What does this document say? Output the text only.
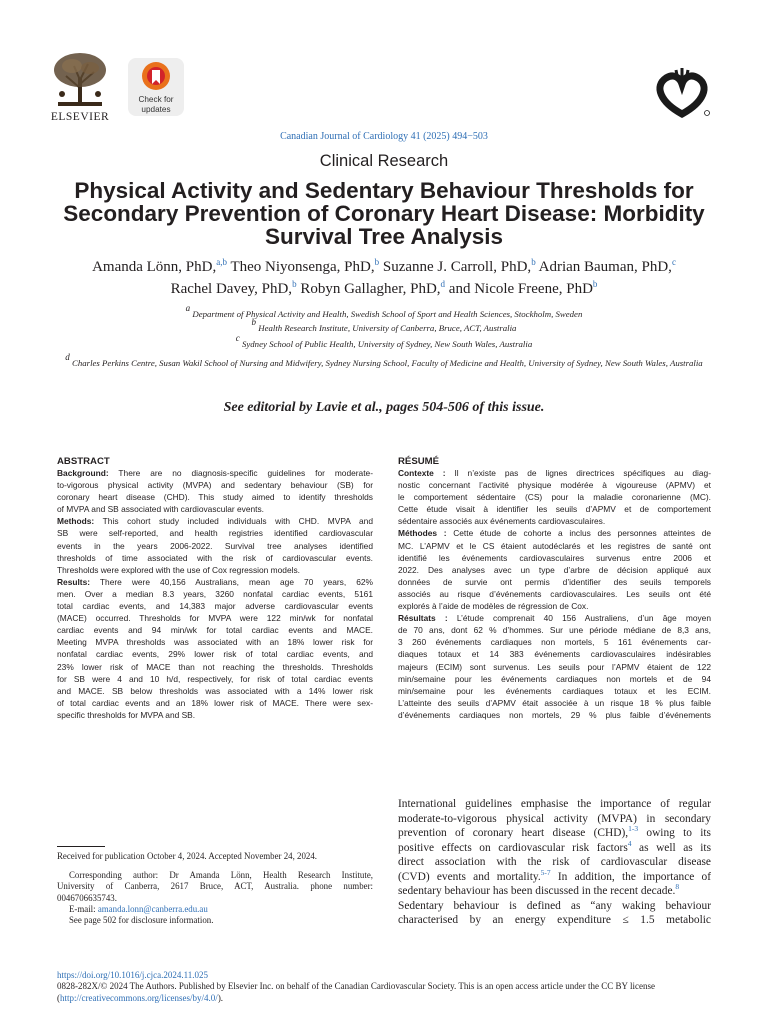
ELSEVIER
Check for updates
Canadian Journal of Cardiology 41 (2025) 494−503
Clinical Research
Physical Activity and Sedentary Behaviour Thresholds for Secondary Prevention of Coronary Heart Disease: Morbidity Survival Tree Analysis
Amanda Lönn, PhD,$^{a,b}$ Theo Niyonsenga, PhD,$^b$ Suzanne J. Carroll, PhD,$^b$ Adrian Bauman, PhD,$^c$
Rachel Davey, PhD,$^b$ Robyn Gallagher, PhD,$^d$ and Nicole Freene, PhD$^b$
$^a$ Department of Physical Activity and Health, Swedish School of Sport and Health Sciences, Stockholm, Sweden
$^b$ Health Research Institute, University of Canberra, Bruce, ACT, Australia
$^c$ Sydney School of Public Health, University of Sydney, New South Wales, Australia
$^d$ Charles Perkins Centre, Susan Wakil School of Nursing and Midwifery, Sydney Nursing School, Faculty of Medicine and Health, University of Sydney, New South Wales, Australia
See editorial by Lavie et al., pages 504-506 of this issue.
ABSTRACT
Background: There are no diagnosis-specific guidelines for moderate-
to-vigorous physical activity (MVPA) and sedentary behaviour (SB) for
coronary heart disease (CHD). This study aimed to identify thresholds
of MVPA and SB associated with cardiovascular events.
Methods: This cohort study included individuals with CHD. MVPA and
SB were self-reported, and health registries identified cardiovascular
events in the years 2006-2022. Survival tree analyses identified
thresholds of time associated with the risk of cardiovascular events.
Thresholds were explored with the use of Cox regression models.
Results: There were 40,156 Australians, mean age 70 years, 62%
men. Over a median 8.3 years, 3260 nonfatal cardiac events, 5161
total cardiac events, and 14,383 major adverse cardiovascular events
(MACE) occurred. Thresholds for MVPA were 122 min/wk for nonfatal
cardiac events and 94 min/wk for total cardiac events and MACE.
Meeting MVPA thresholds was associated with an 18% lower risk for
nonfatal cardiac events, 29% lower risk of total cardiac events, and
23% lower risk of MACE than not reaching the thresholds. Thresholds
for SB were 4 and 10 h/d, respectively, for risk of total cardiac events
and MACE. SB below thresholds was associated with a 14% lower risk
of total cardiac events and an 18% lower risk of MACE. There were sex-
specific thresholds for MVPA and SB.
RÉSUMÉ
Contexte : Il n’existe pas de lignes directrices spécifiques au diag-
nostic concernant l’activité physique modérée à vigoureuse (APMV) et
le comportement sédentaire (CS) pour la maladie coronarienne (MC).
Cette étude visait à identifier les seuils d’APMV et de comportement
sédentaire associés aux événements cardiovasculaires.
Méthodes : Cette étude de cohorte a inclus des personnes atteintes de
MC. L’APMV et le CS étaient autodéclarés et les registres de santé ont
identifié les événements cardiovasculaires survenus entre 2006 et
2022. Des analyses avec un type d’arbre de décision appliqué aux
données de survie ont permis d’identifier des seuils temporels
associés au risque d’événements cardiovasculaires. Les seuils ont été
explorés à l’aide de modèles de régression de Cox.
Résultats : L’étude comprenait 40 156 Australiens, d’un âge moyen
de 70 ans, dont 62 % d’hommes. Sur une période médiane de 8,3 ans,
3 260 événements cardiaques non mortels, 5 161 événements car-
diaques totaux et 14 383 événements cardiovasculaires indésirables
majeurs (ECIM) sont survenus. Les seuils pour l’APMV étaient de 122
min/semaine pour les événements cardiaques non mortels et de 94
min/semaine pour les événements cardiaques totaux et les ECIM.
L’atteinte des seuils d’APMV était associée à un risque 18 % plus faible
d’événements cardiaques non mortels, 29 % plus faible d’événements
Received for publication October 4, 2024. Accepted November 24, 2024.
Corresponding author: Dr Amanda Lönn, Health Research Institute,
University of Canberra, 2617 Bruce, ACT, Australia. phone number:
0046706635743.
E-mail: amanda.lonn@canberra.edu.au
See page 502 for disclosure information.
International guidelines emphasise the importance of regular
moderate-to-vigorous physical activity (MVPA) in secondary
prevention of coronary heart disease (CHD),$^{1-3}$ owing to its
positive effects on cardiovascular risk factors$^4$ as well as its
direct association with the risk of cardiovascular disease
(CVD) events and mortality.$^{5-7}$ In addition, the importance of
sedentary behaviour has been discussed in the recent decade.$^8$
Sedentary behaviour is defined as “any waking behaviour
characterised by an energy expenditure ≤ 1.5 metabolic
https://doi.org/10.1016/j.cjca.2024.11.025
0828-282X/© 2024 The Authors. Published by Elsevier Inc. on behalf of the Canadian Cardiovascular Society. This is an open access article under the CC BY license (http://creativecommons.org/licenses/by/4.0/).
